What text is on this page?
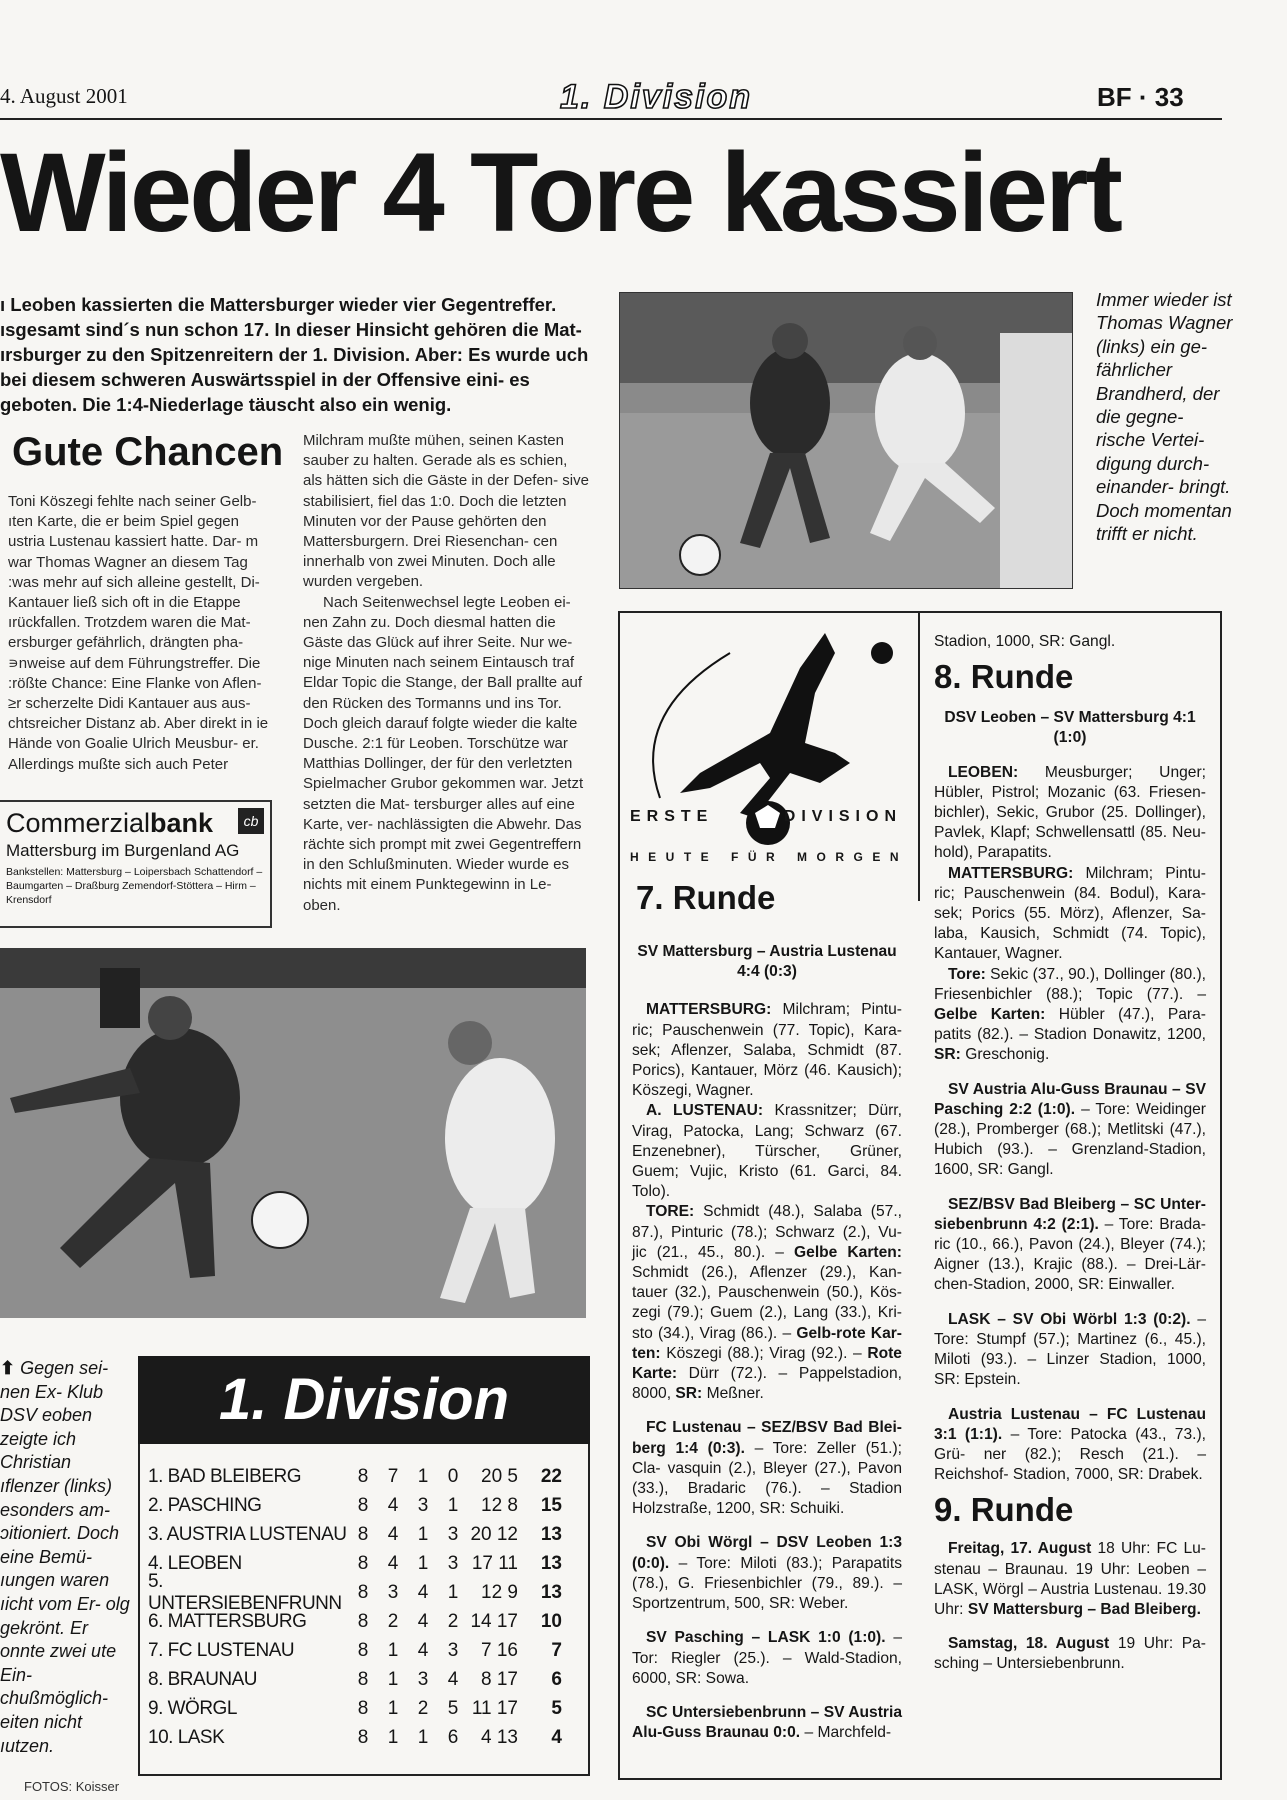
4. August 2001	1. Division	BF · 33
Wieder 4 Tore kassiert
ı Leoben kassierten die Mattersburger wieder vier Gegentreffer. ısgesamt sind´s nun schon 17. In dieser Hinsicht gehören die Mat- ırsburger zu den Spitzenreitern der 1. Division. Aber: Es wurde uch bei diesem schweren Auswärtsspiel in der Offensive eini- es geboten. Die 1:4-Niederlage täuscht also ein wenig.
Gute Chancen

Toni Köszegi fehlte nach seiner Gelb- ıten Karte, die er beim Spiel gegen ustria Lustenau kassiert hatte. Dar- m war Thomas Wagner an diesem Tag :was mehr auf sich alleine gestellt, Di- Kantauer ließ sich oft in die Etappe ırückfallen. Trotzdem waren die Mat- ersburger gefährlich, drängten pha- ∍nweise auf dem Führungstreffer. Die :rößte Chance: Eine Flanke von Aflen- ≥r scherzelte Didi Kantauer aus aus- chtsreicher Distanz ab. Aber direkt in ie Hände von Goalie Ulrich Meusbur- er. Allerdings mußte sich auch Peter

Milchram mußte mühen, seinen Kasten sauber zu halten. Gerade als es schien, als hätten sich die Gäste in der Defen- sive stabilisiert, fiel das 1:0. Doch die letzten Minuten vor der Pause gehörten den Mattersburgern. Drei Riesenchan- cen innerhalb von zwei Minuten. Doch alle wurden vergeben.

Nach Seitenwechsel legte Leoben ei- nen Zahn zu. Doch diesmal hatten die Gäste das Glück auf ihrer Seite. Nur we- nige Minuten nach seinem Eintausch traf Eldar Topic die Stange, der Ball prallte auf den Rücken des Tormanns und ins Tor. Doch gleich darauf folgte wieder die kalte Dusche. 2:1 für Leoben. Torschütze war Matthias Dollinger, der für den verletzten Spielmacher Grubor gekommen war. Jetzt setzten die Mat- tersburger alles auf eine Karte, ver- nachlässigten die Abwehr. Das rächte sich prompt mit zwei Gegentreffern in den Schlußminuten. Wieder wurde es nichts mit einem Punktegewinn in Le- oben.

cb
Commerzialbank
Mattersburg im Burgenland AG
Bankstellen: Mattersburg – Loipersbach Schattendorf – Baumgarten – Draßburg Zemendorf-Stöttera – Hirm – Krensdorf
Immer wieder ist Thomas Wagner (links) ein ge- fährlicher Brandherd, der die gegne- rische Vertei- digung durch- einander- bringt. Doch momentan trifft er nicht.
⬆ Gegen sei- nen Ex- Klub DSV eoben zeigte ich Christian ıflenzer (links) esonders am- ɔitioniert. Doch eine Bemü- ıungen waren ıicht vom Er- olg gekrönt. Er onnte zwei ute Ein- chußmöglich- eiten nicht ıutzen.
FOTOS: Koisser
1. Division
1. BAD BLEIBERG	8	7	1	0	20 5	22
2. PASCHING	8	4	3	1	12 8	15
3. AUSTRIA LUSTENAU 8	4	1	3 20 12	13
4. LEOBEN	8	4	1	3 17 11	13
5. UNTERSIEBENFRUNN
8	3	4	1	12 9	13
6. MATTERSBURG	8	2	4	2 14 17	10
7. FC LUSTENAU	8	1	4	3	7 16	7
8. BRAUNAU	8	1	3	4	8 17	6
9. WÖRGL	8	1	2	5 11 17	5
10. LASK	8	1	1	6	4 13	4
ERSTE	DIVISION
HEUTE FÜR MORGEN
7. Runde
SV Mattersburg – Austria Lustenau 4:4 (0:3)
MATTERSBURG: Milchram; Pintu- ric; Pauschenwein (77. Topic), Kara- sek; Aflenzer, Salaba, Schmidt (87. Porics), Kantauer, Mörz (46. Kausich); Köszegi, Wagner.
A. LUSTENAU: Krassnitzer; Dürr, Virag, Patocka, Lang; Schwarz (67. Enzenebner), Türscher, Grüner, Guem; Vujic, Kristo (61. Garci, 84. Tolo).
TORE: Schmidt (48.), Salaba (57., 87.), Pinturic (78.); Schwarz (2.), Vu- jic (21., 45., 80.). – Gelbe Karten: Schmidt (26.), Aflenzer (29.), Kan- tauer (32.), Pauschenwein (50.), Kös- zegi (79.); Guem (2.), Lang (33.), Kri- sto (34.), Virag (86.). – Gelb-rote Kar- ten: Köszegi (88.); Virag (92.). – Rote Karte: Dürr (72.). – Pappelstadion, 8000, SR: Meßner.
FC Lustenau – SEZ/BSV Bad Blei- berg 1:4 (0:3). – Tore: Zeller (51.); Cla- vasquin (2.), Bleyer (27.), Pavon (33.), Bradaric (76.). – Stadion Holzstraße, 1200, SR: Schuiki.
SV Obi Wörgl – DSV Leoben 1:3 (0:0). – Tore: Miloti (83.); Parapatits (78.), G. Friesenbichler (79., 89.). – Sportzentrum, 500, SR: Weber.
SV Pasching – LASK 1:0 (1:0). – Tor: Riegler (25.). – Wald-Stadion, 6000, SR: Sowa.
SC Untersiebenbrunn – SV Austria Alu-Guss Braunau 0:0. – Marchfeld-
Stadion, 1000, SR: Gangl.
8. Runde
DSV Leoben – SV Mattersburg 4:1 (1:0)
LEOBEN: Meusburger; Unger; Hübler, Pistrol; Mozanic (63. Friesen- bichler), Sekic, Grubor (25. Dollinger), Pavlek, Klapf; Schwellensattl (85. Neu- hold), Parapatits.
MATTERSBURG: Milchram; Pintu- ric; Pauschenwein (84. Bodul), Kara- sek; Porics (55. Mörz), Aflenzer, Sa- laba, Kausich, Schmidt (74. Topic), Kantauer, Wagner.
Tore: Sekic (37., 90.), Dollinger (80.), Friesenbichler (88.); Topic (77.). – Gelbe Karten: Hübler (47.), Para- patits (82.). – Stadion Donawitz, 1200, SR: Greschonig.
SV Austria Alu-Guss Braunau – SV Pasching 2:2 (1:0). – Tore: Weidinger (28.), Promberger (68.); Metlitski (47.), Hubich (93.). – Grenzland-Stadion, 1600, SR: Gangl.
SEZ/BSV Bad Bleiberg – SC Unter- siebenbrunn 4:2 (2:1). – Tore: Brada- ric (10., 66.), Pavon (24.), Bleyer (74.); Aigner (13.), Krajic (88.). – Drei-Lär- chen-Stadion, 2000, SR: Einwaller.
LASK – SV Obi Wörbl 1:3 (0:2). – Tore: Stumpf (57.); Martinez (6., 45.), Miloti (93.). – Linzer Stadion, 1000, SR: Epstein.
Austria Lustenau – FC Lustenau 3:1 (1:1). – Tore: Patocka (43., 73.), Grü- ner (82.); Resch (21.). – Reichshof- Stadion, 7000, SR: Drabek.
9. Runde
Freitag, 17. August 18 Uhr: FC Lu- stenau – Braunau. 19 Uhr: Leoben – LASK, Wörgl – Austria Lustenau. 19.30 Uhr: SV Mattersburg – Bad Bleiberg.
Samstag, 18. August 19 Uhr: Pa- sching – Untersiebenbrunn.
